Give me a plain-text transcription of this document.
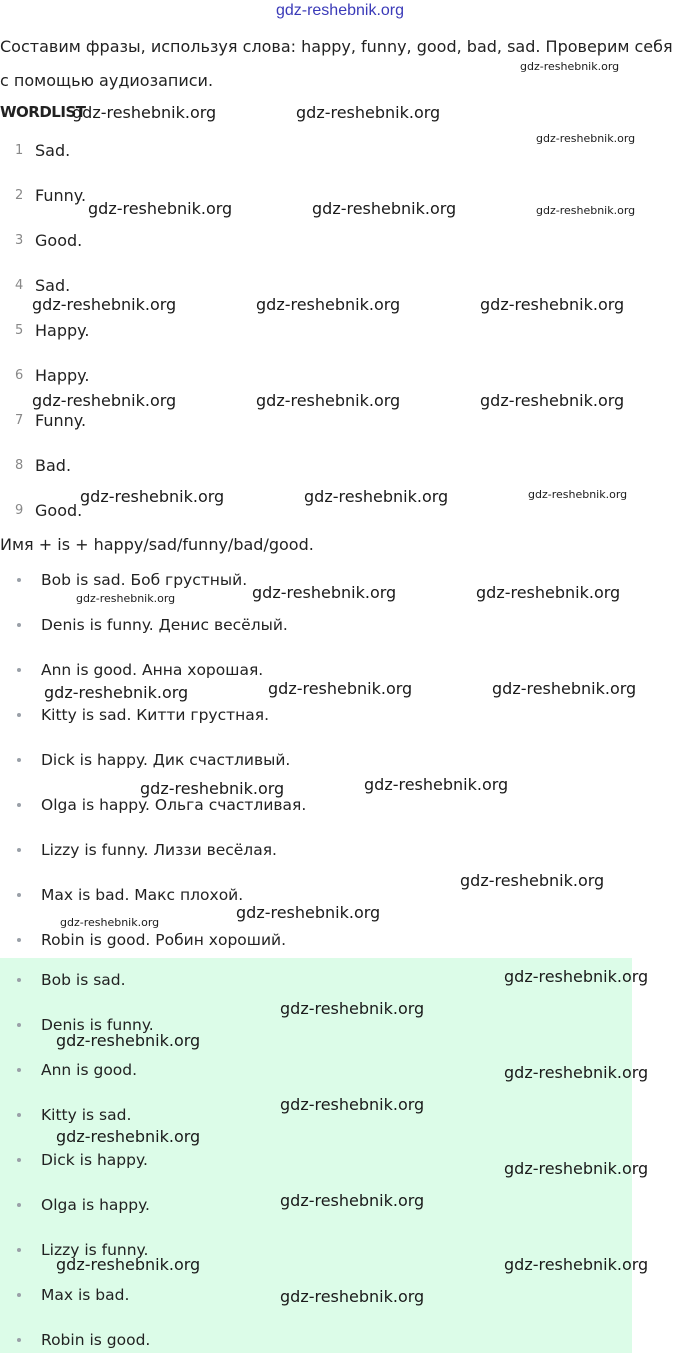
gdz-reshebnik.org

Составим фразы, используя слова: happy, funny, good, bad, sad. Проверим себя с помощью аудиозаписи.

WORDLIST
1 Sad.
2 Funny.
3 Good.
4 Sad.
5 Happy.
6 Happy.
7 Funny.
8 Bad.
9 Good.

Имя + is + happy/sad/funny/bad/good.

Bob is sad. Боб грустный.
Denis is funny. Денис весёлый.
Ann is good. Анна хорошая.
Kitty is sad. Китти грустная.
Dick is happy. Дик счастливый.
Olga is happy. Ольга счастливая.
Lizzy is funny. Лиззи весёлая.
Max is bad. Макс плохой.
Robin is good. Робин хороший.
Bob is sad.
Denis is funny.
Ann is good.
Kitty is sad.
Dick is happy.
Olga is happy.
Lizzy is funny.
Max is bad.
Robin is good.
gdz-reshebnik.org
gdz-reshebnik.org	gdz-reshebnik.org
gdz-reshebnik.org
gdz-reshebnik.org	gdz-reshebnik.org	gdz-reshebnik.org
gdz-reshebnik.org	gdz-reshebnik.org	gdz-reshebnik.org
gdz-reshebnik.org	gdz-reshebnik.org	gdz-reshebnik.org
gdz-reshebnik.org	gdz-reshebnik.org	gdz-reshebnik.org
gdz-reshebnik.org	gdz-reshebnik.org	gdz-reshebnik.org
gdz-reshebnik.org	gdz-reshebnik.org	gdz-reshebnik.org
gdz-reshebnik.org	gdz-reshebnik.org
gdz-reshebnik.org
gdz-reshebnik.org
gdz-reshebnik.org
gdz-reshebnik.org
gdz-reshebnik.org
gdz-reshebnik.org
gdz-reshebnik.org
gdz-reshebnik.org
gdz-reshebnik.org
gdz-reshebnik.org
gdz-reshebnik.org
gdz-reshebnik.org	gdz-reshebnik.org
gdz-reshebnik.org
